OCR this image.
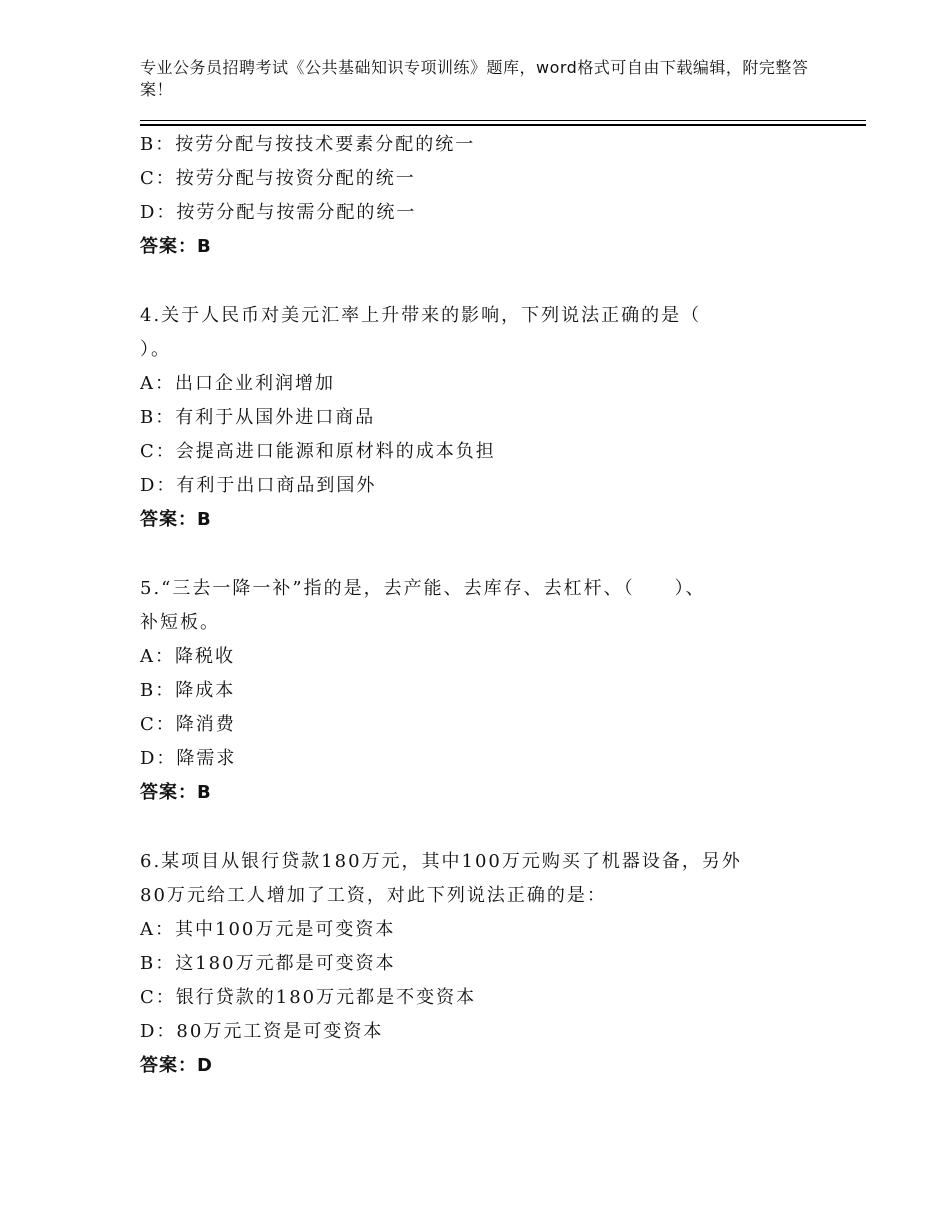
专业公务员招聘考试《公共基础知识专项训练》题库，word格式可自由下载编辑，附完整答案！
B：按劳分配与按技术要素分配的统一
C：按劳分配与按资分配的统一
D：按劳分配与按需分配的统一
答案：B
4.关于人民币对美元汇率上升带来的影响，下列说法正确的是（
）。
A：出口企业利润增加
B：有利于从国外进口商品
C：会提高进口能源和原材料的成本负担
D：有利于出口商品到国外
答案：B
5.“三去一降一补”指的是，去产能、去库存、去杠杆、（　　）、
补短板。
A：降税收
B：降成本
C：降消费
D：降需求
答案：B
6.某项目从银行贷款180万元，其中100万元购买了机器设备，另外
80万元给工人增加了工资，对此下列说法正确的是：
A：其中100万元是可变资本
B：这180万元都是可变资本
C：银行贷款的180万元都是不变资本
D：80万元工资是可变资本
答案：D
